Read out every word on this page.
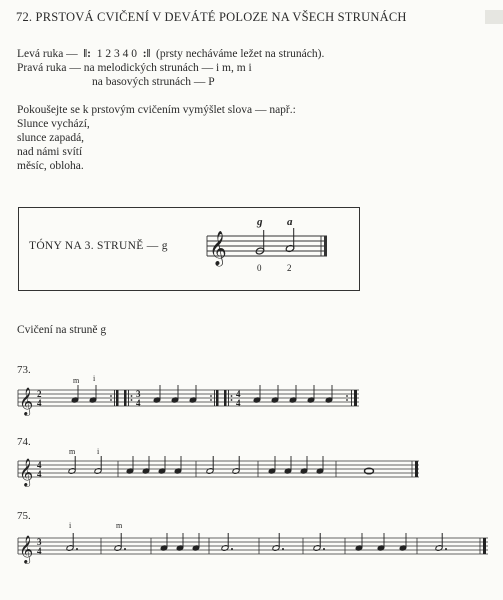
72. PRSTOVÁ CVIČENÍ V DEVÁTÉ POLOZE NA VŠECH STRUNÁCH
Levá ruka —  ‖:  1 2 3 4 0  :‖  (prsty necháváme ležet na strunách).
Pravá ruka — na melodických strunách — i m, m i
na basových strunách — P
Pokoušejte se k prstovým cvičením vymýšlet slova — např.:
Slunce vychází,
slunce zapadá,
nad námi svítí
měsíc, obloha.
TÓNY NA 3. STRUNĚ — g 𝄞
g
0
a
2
Cvičení na struně g
73.
𝄞 2
4
m i
3
4
4
4
74.
𝄞 4
4
m	i
75.
𝄞 3
4
i	m
